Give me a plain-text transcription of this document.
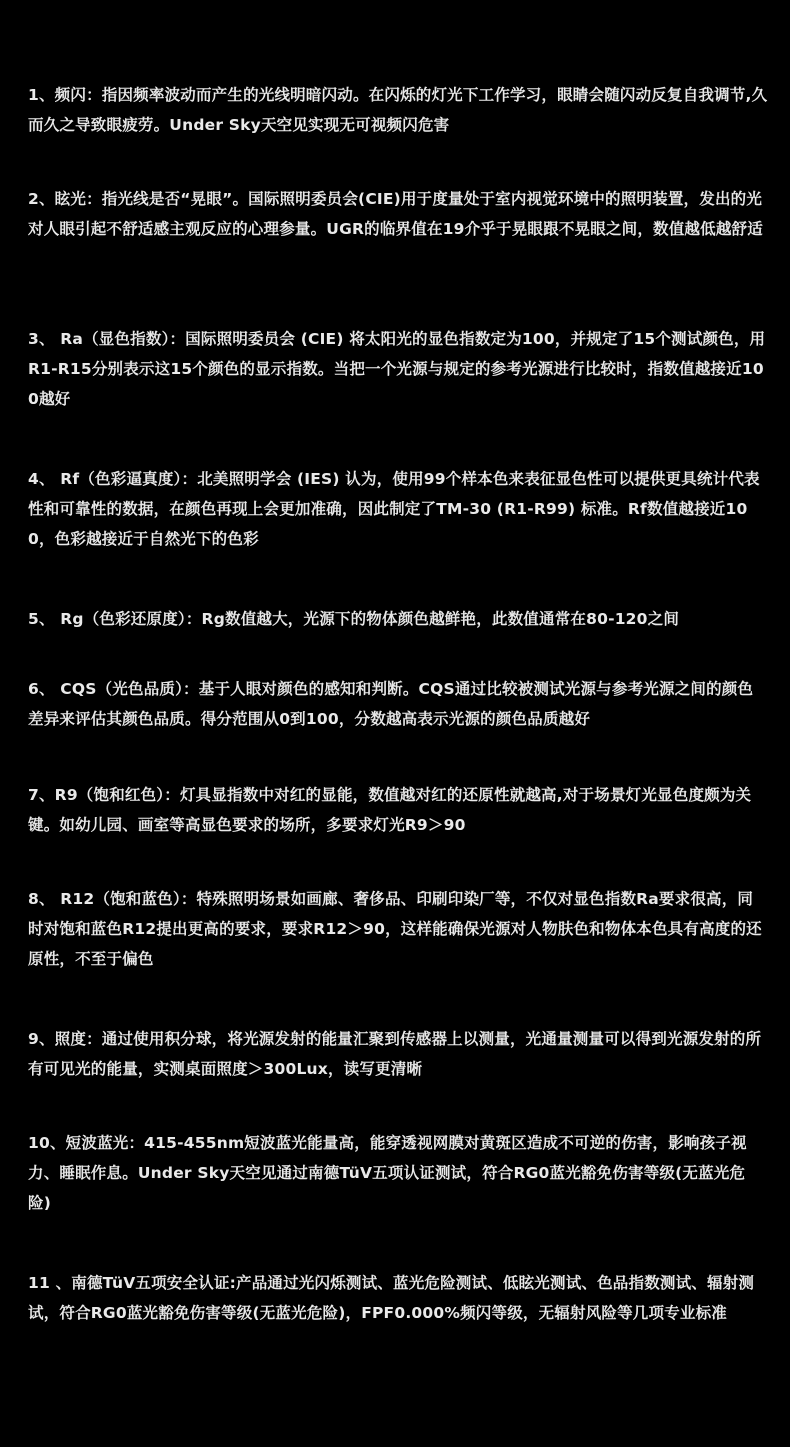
1、频闪：指因频率波动而产生的光线明暗闪动。在闪烁的灯光下工作学习，眼睛会随闪动反复自我调节,久而久之导致眼疲劳。Under Sky天空见实现无可视频闪危害

2、眩光：指光线是否“晃眼”。国际照明委员会(CIE)用于度量处于室内视觉环境中的照明装置，发出的光对人眼引起不舒适感主观反应的心理参量。UGR的临界值在19介乎于晃眼跟不晃眼之间，数值越低越舒适

3、 Ra（显色指数）：国际照明委员会 (CIE) 将太阳光的显色指数定为100，并规定了15个测试颜色，用R1-R15分别表示这15个颜色的显示指数。当把一个光源与规定的参考光源进行比较时，指数值越接近100越好

4、 Rf（色彩逼真度）：北美照明学会 (IES) 认为，使用99个样本色来表征显色性可以提供更具统计代表性和可靠性的数据，在颜色再现上会更加准确，因此制定了TM-30 (R1-R99) 标准。Rf数值越接近100，色彩越接近于自然光下的色彩

5、 Rg（色彩还原度）：Rg数值越大，光源下的物体颜色越鲜艳，此数值通常在80-120之间

6、 CQS（光色品质）：基于人眼对颜色的感知和判断。CQS通过比较被测试光源与参考光源之间的颜色差异来评估其颜色品质。得分范围从0到100，分数越高表示光源的颜色品质越好

7、R9（饱和红色）：灯具显指数中对红的显能，数值越对红的还原性就越高,对于场景灯光显色度颇为关键。如幼儿园、画室等高显色要求的场所，多要求灯光R9＞90

8、 R12（饱和蓝色）：特殊照明场景如画廊、奢侈品、印刷印染厂等，不仅对显色指数Ra要求很高，同时对饱和蓝色R12提出更高的要求，要求R12＞90，这样能确保光源对人物肤色和物体本色具有高度的还原性，不至于偏色

9、照度：通过使用积分球，将光源发射的能量汇聚到传感器上以测量，光通量测量可以得到光源发射的所有可见光的能量，实测桌面照度＞300Lux，读写更清晰

10、短波蓝光：415-455nm短波蓝光能量高，能穿透视网膜对黄斑区造成不可逆的伤害，影响孩子视力、睡眠作息。Under Sky天空见通过南德TüV五项认证测试，符合RG0蓝光豁免伤害等级(无蓝光危险)

11 、南德TüV五项安全认证:产品通过光闪烁测试、蓝光危险测试、低眩光测试、色品指数测试、辐射测试，符合RG0蓝光豁免伤害等级(无蓝光危险)，FPF0.000%频闪等级，无辐射风险等几项专业标准
